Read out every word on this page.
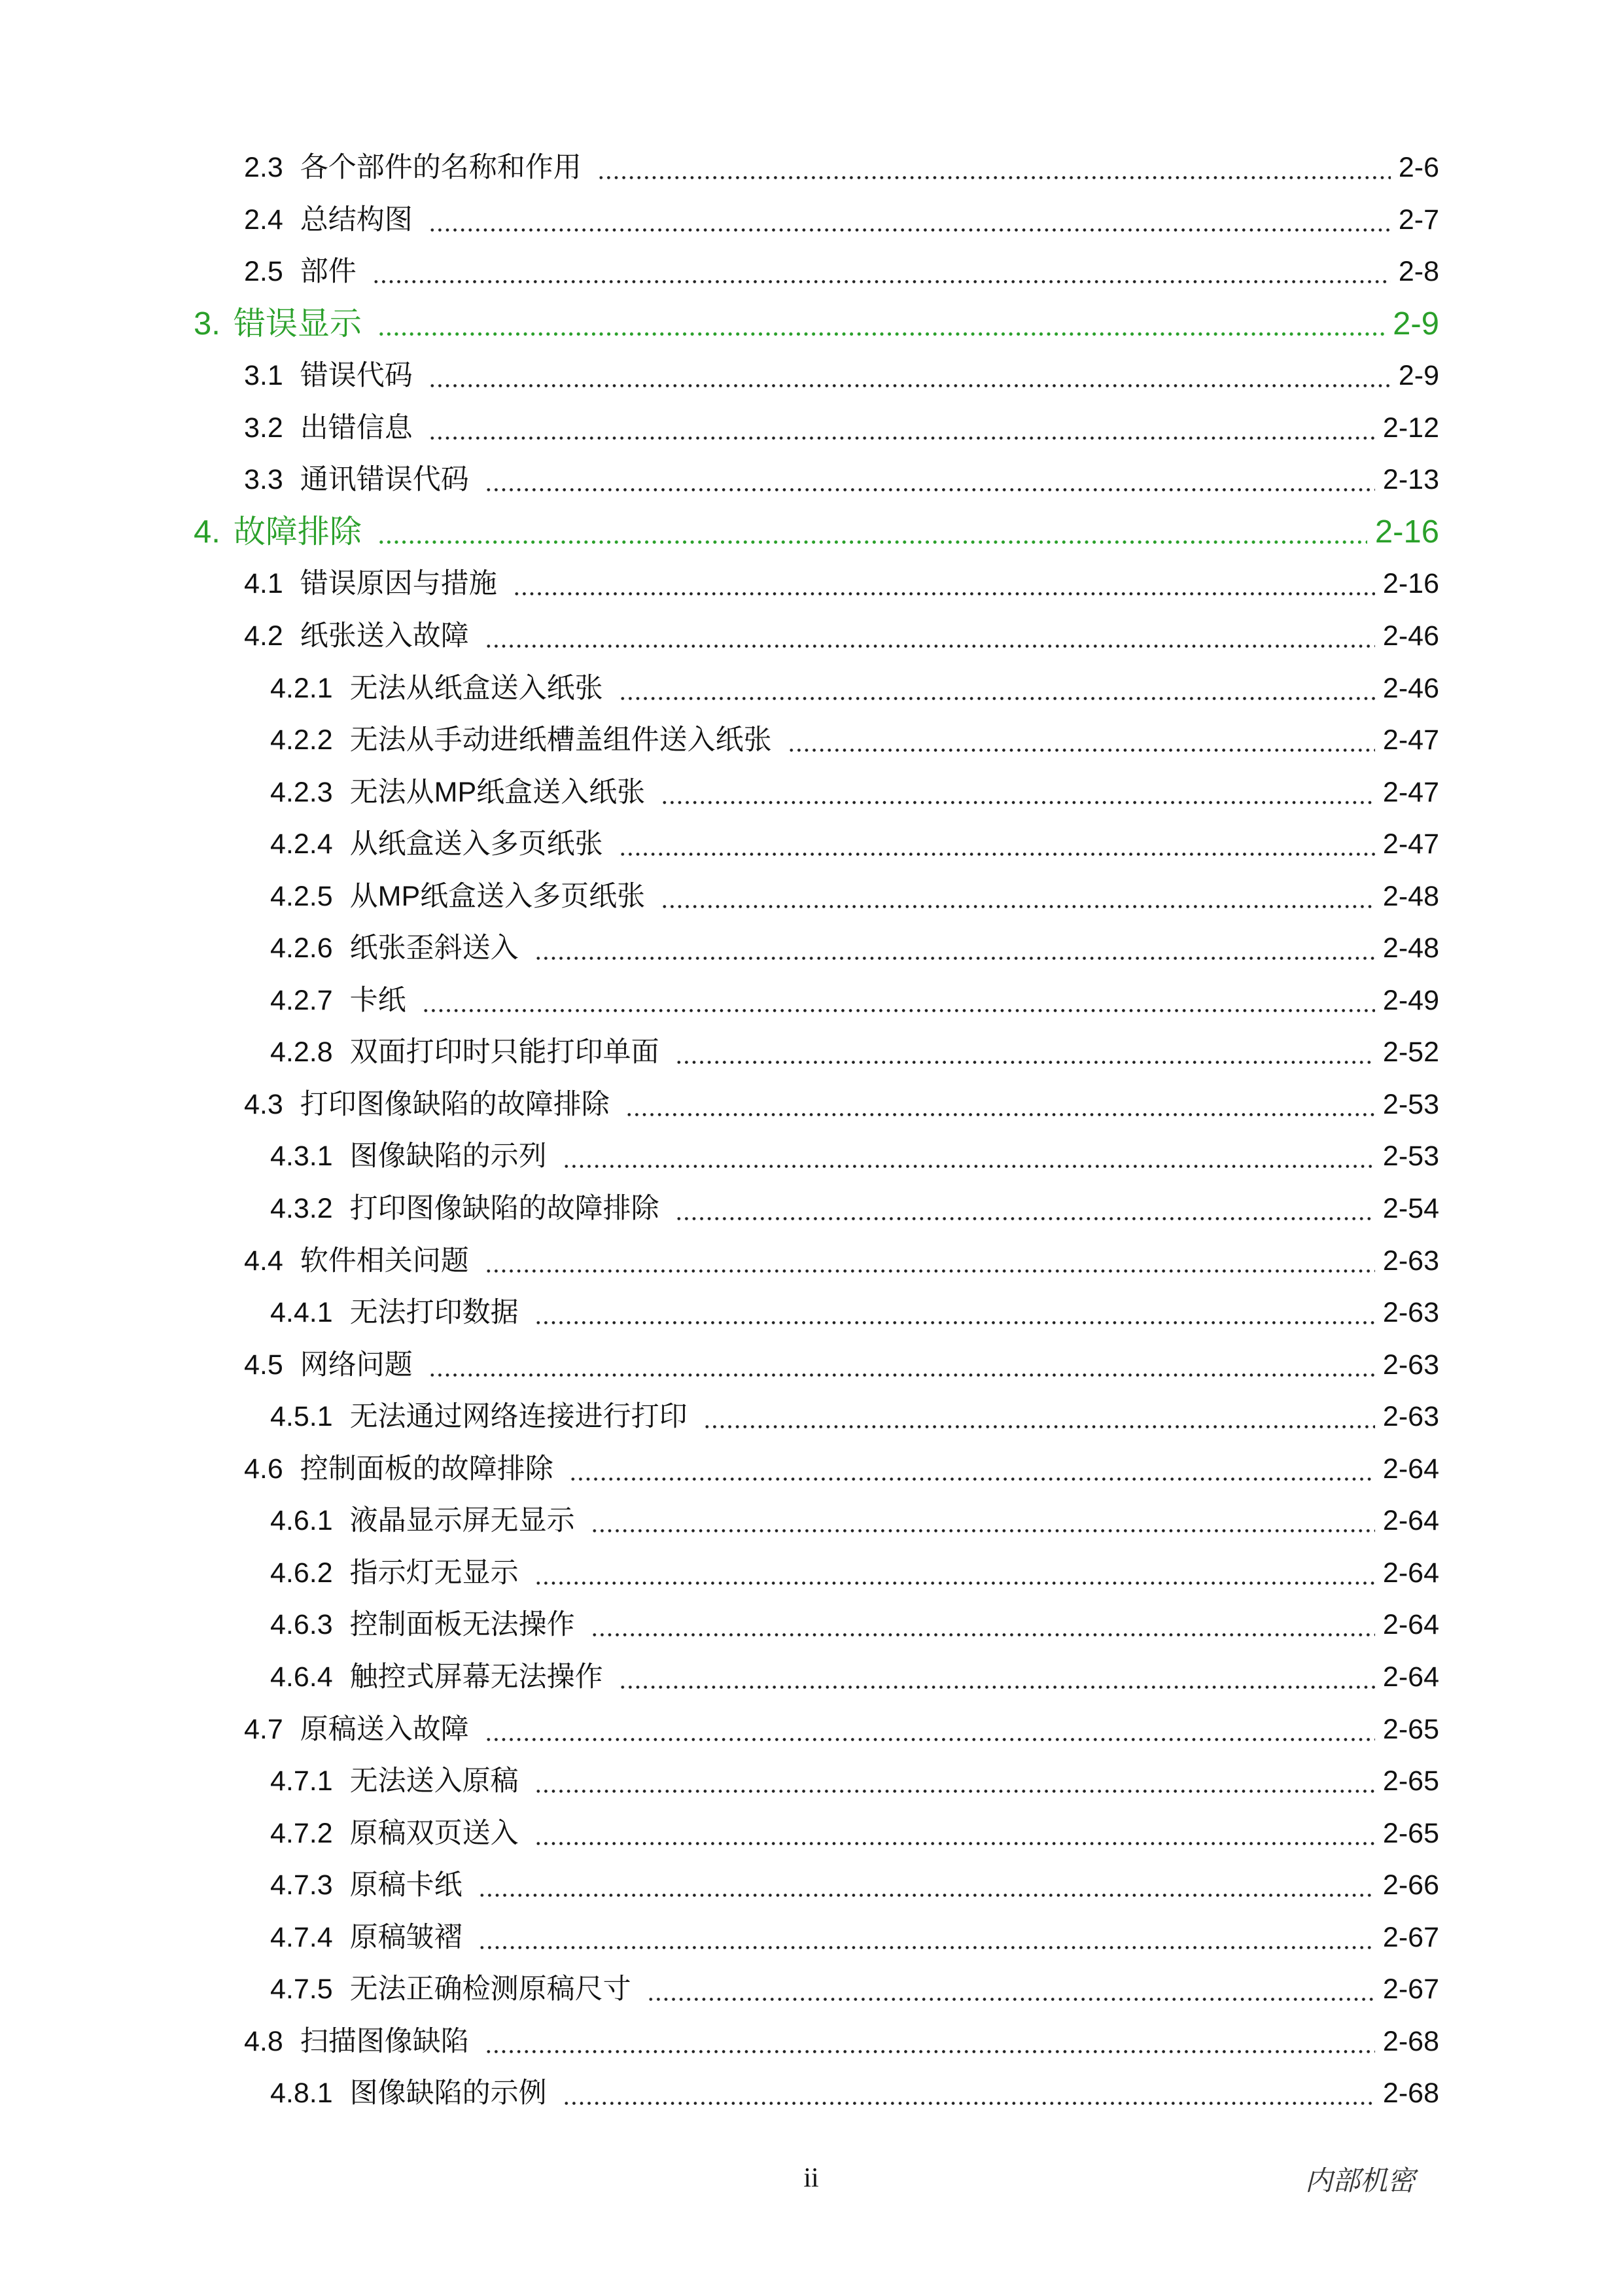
2.3 各个部件的名称和作用	2-6
2.4 总结构图	2-7
2.5 部件	2-8
3. 错误显示	2-9
3.1 错误代码	2-9
3.2 出错信息	2-12
3.3 通讯错误代码	2-13
4. 故障排除	2-16
4.1 错误原因与措施	2-16
4.2 纸张送入故障	2-46
4.2.1 无法从纸盒送入纸张	2-46
4.2.2 无法从手动进纸槽盖组件送入纸张	2-47
4.2.3 无法从MP纸盒送入纸张	2-47
4.2.4 从纸盒送入多页纸张	2-47
4.2.5 从MP纸盒送入多页纸张	2-48
4.2.6 纸张歪斜送入	2-48
4.2.7 卡纸	2-49
4.2.8 双面打印时只能打印单面	2-52
4.3 打印图像缺陷的故障排除	2-53
4.3.1 图像缺陷的示列	2-53
4.3.2 打印图像缺陷的故障排除	2-54
4.4 软件相关问题	2-63
4.4.1 无法打印数据	2-63
4.5 网络问题	2-63
4.5.1 无法通过网络连接进行打印	2-63
4.6 控制面板的故障排除	2-64
4.6.1 液晶显示屏无显示	2-64
4.6.2 指示灯无显示	2-64
4.6.3 控制面板无法操作	2-64
4.6.4 触控式屏幕无法操作	2-64
4.7 原稿送入故障	2-65
4.7.1 无法送入原稿	2-65
4.7.2 原稿双页送入	2-65
4.7.3 原稿卡纸	2-66
4.7.4 原稿皱褶	2-67
4.7.5 无法正确检测原稿尺寸	2-67
4.8 扫描图像缺陷	2-68
4.8.1 图像缺陷的示例	2-68
ii	内部机密
